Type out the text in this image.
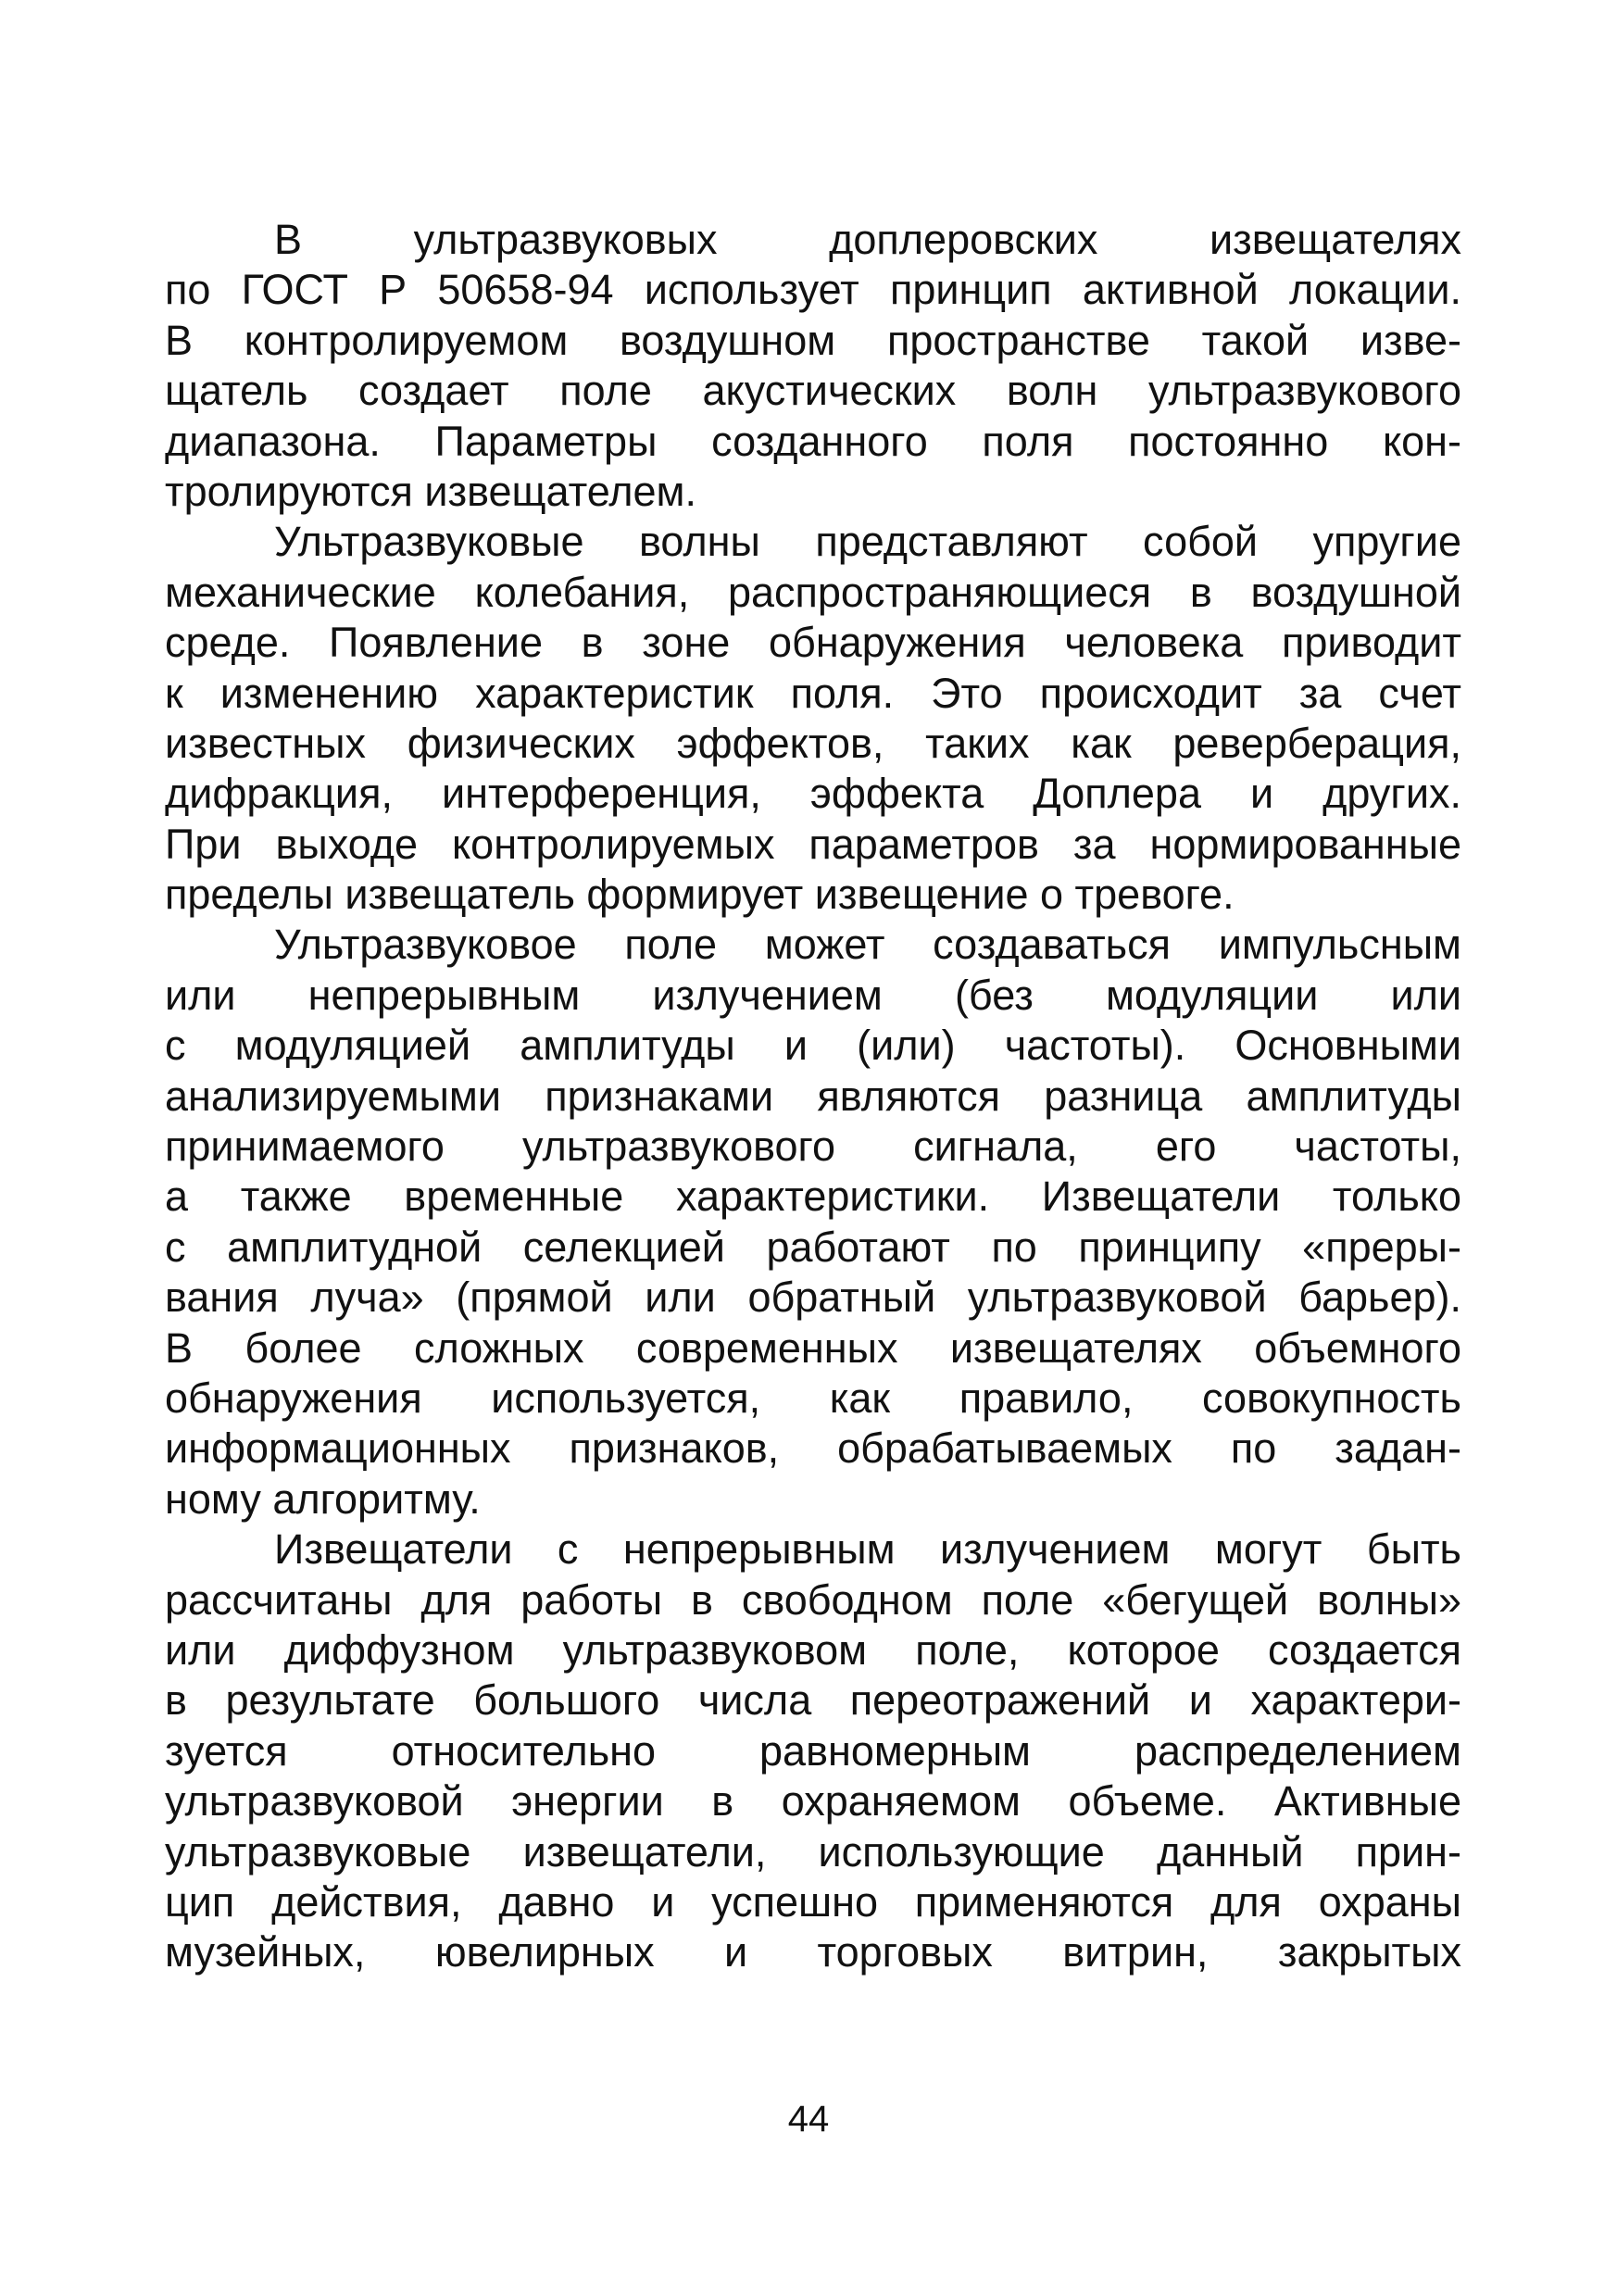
В ультразвуковых доплеровских извещателях
по ГОСТ Р 50658-94 использует принцип активной локации.
В контролируемом воздушном пространстве такой изве-
щатель создает поле акустических волн ультразвукового
диапазона. Параметры созданного поля постоянно кон-
тролируются извещателем.
Ультразвуковые волны представляют собой упругие
механические колебания, распространяющиеся в воздушной
среде. Появление в зоне обнаружения человека приводит
к изменению характеристик поля. Это происходит за счет
известных физических эффектов, таких как реверберация,
дифракция, интерференция, эффекта Доплера и других.
При выходе контролируемых параметров за нормированные
пределы извещатель формирует извещение о тревоге.
Ультразвуковое поле может создаваться импульсным
или непрерывным излучением (без модуляции или
с модуляцией амплитуды и (или) частоты). Основными
анализируемыми признаками являются разница амплитуды
принимаемого ультразвукового сигнала, его частоты,
а также временные характеристики. Извещатели только
с амплитудной селекцией работают по принципу «преры-
вания луча» (прямой или обратный ультразвуковой барьер).
В более сложных современных извещателях объемного
обнаружения используется, как правило, совокупность
информационных признаков, обрабатываемых по задан-
ному алгоритму.
Извещатели с непрерывным излучением могут быть
рассчитаны для работы в свободном поле «бегущей волны»
или диффузном ультразвуковом поле, которое создается
в результате большого числа переотражений и характери-
зуется относительно равномерным распределением
ультразвуковой энергии в охраняемом объеме. Активные
ультразвуковые извещатели, использующие данный прин-
цип действия, давно и успешно применяются для охраны
музейных, ювелирных и торговых витрин, закрытых
44
